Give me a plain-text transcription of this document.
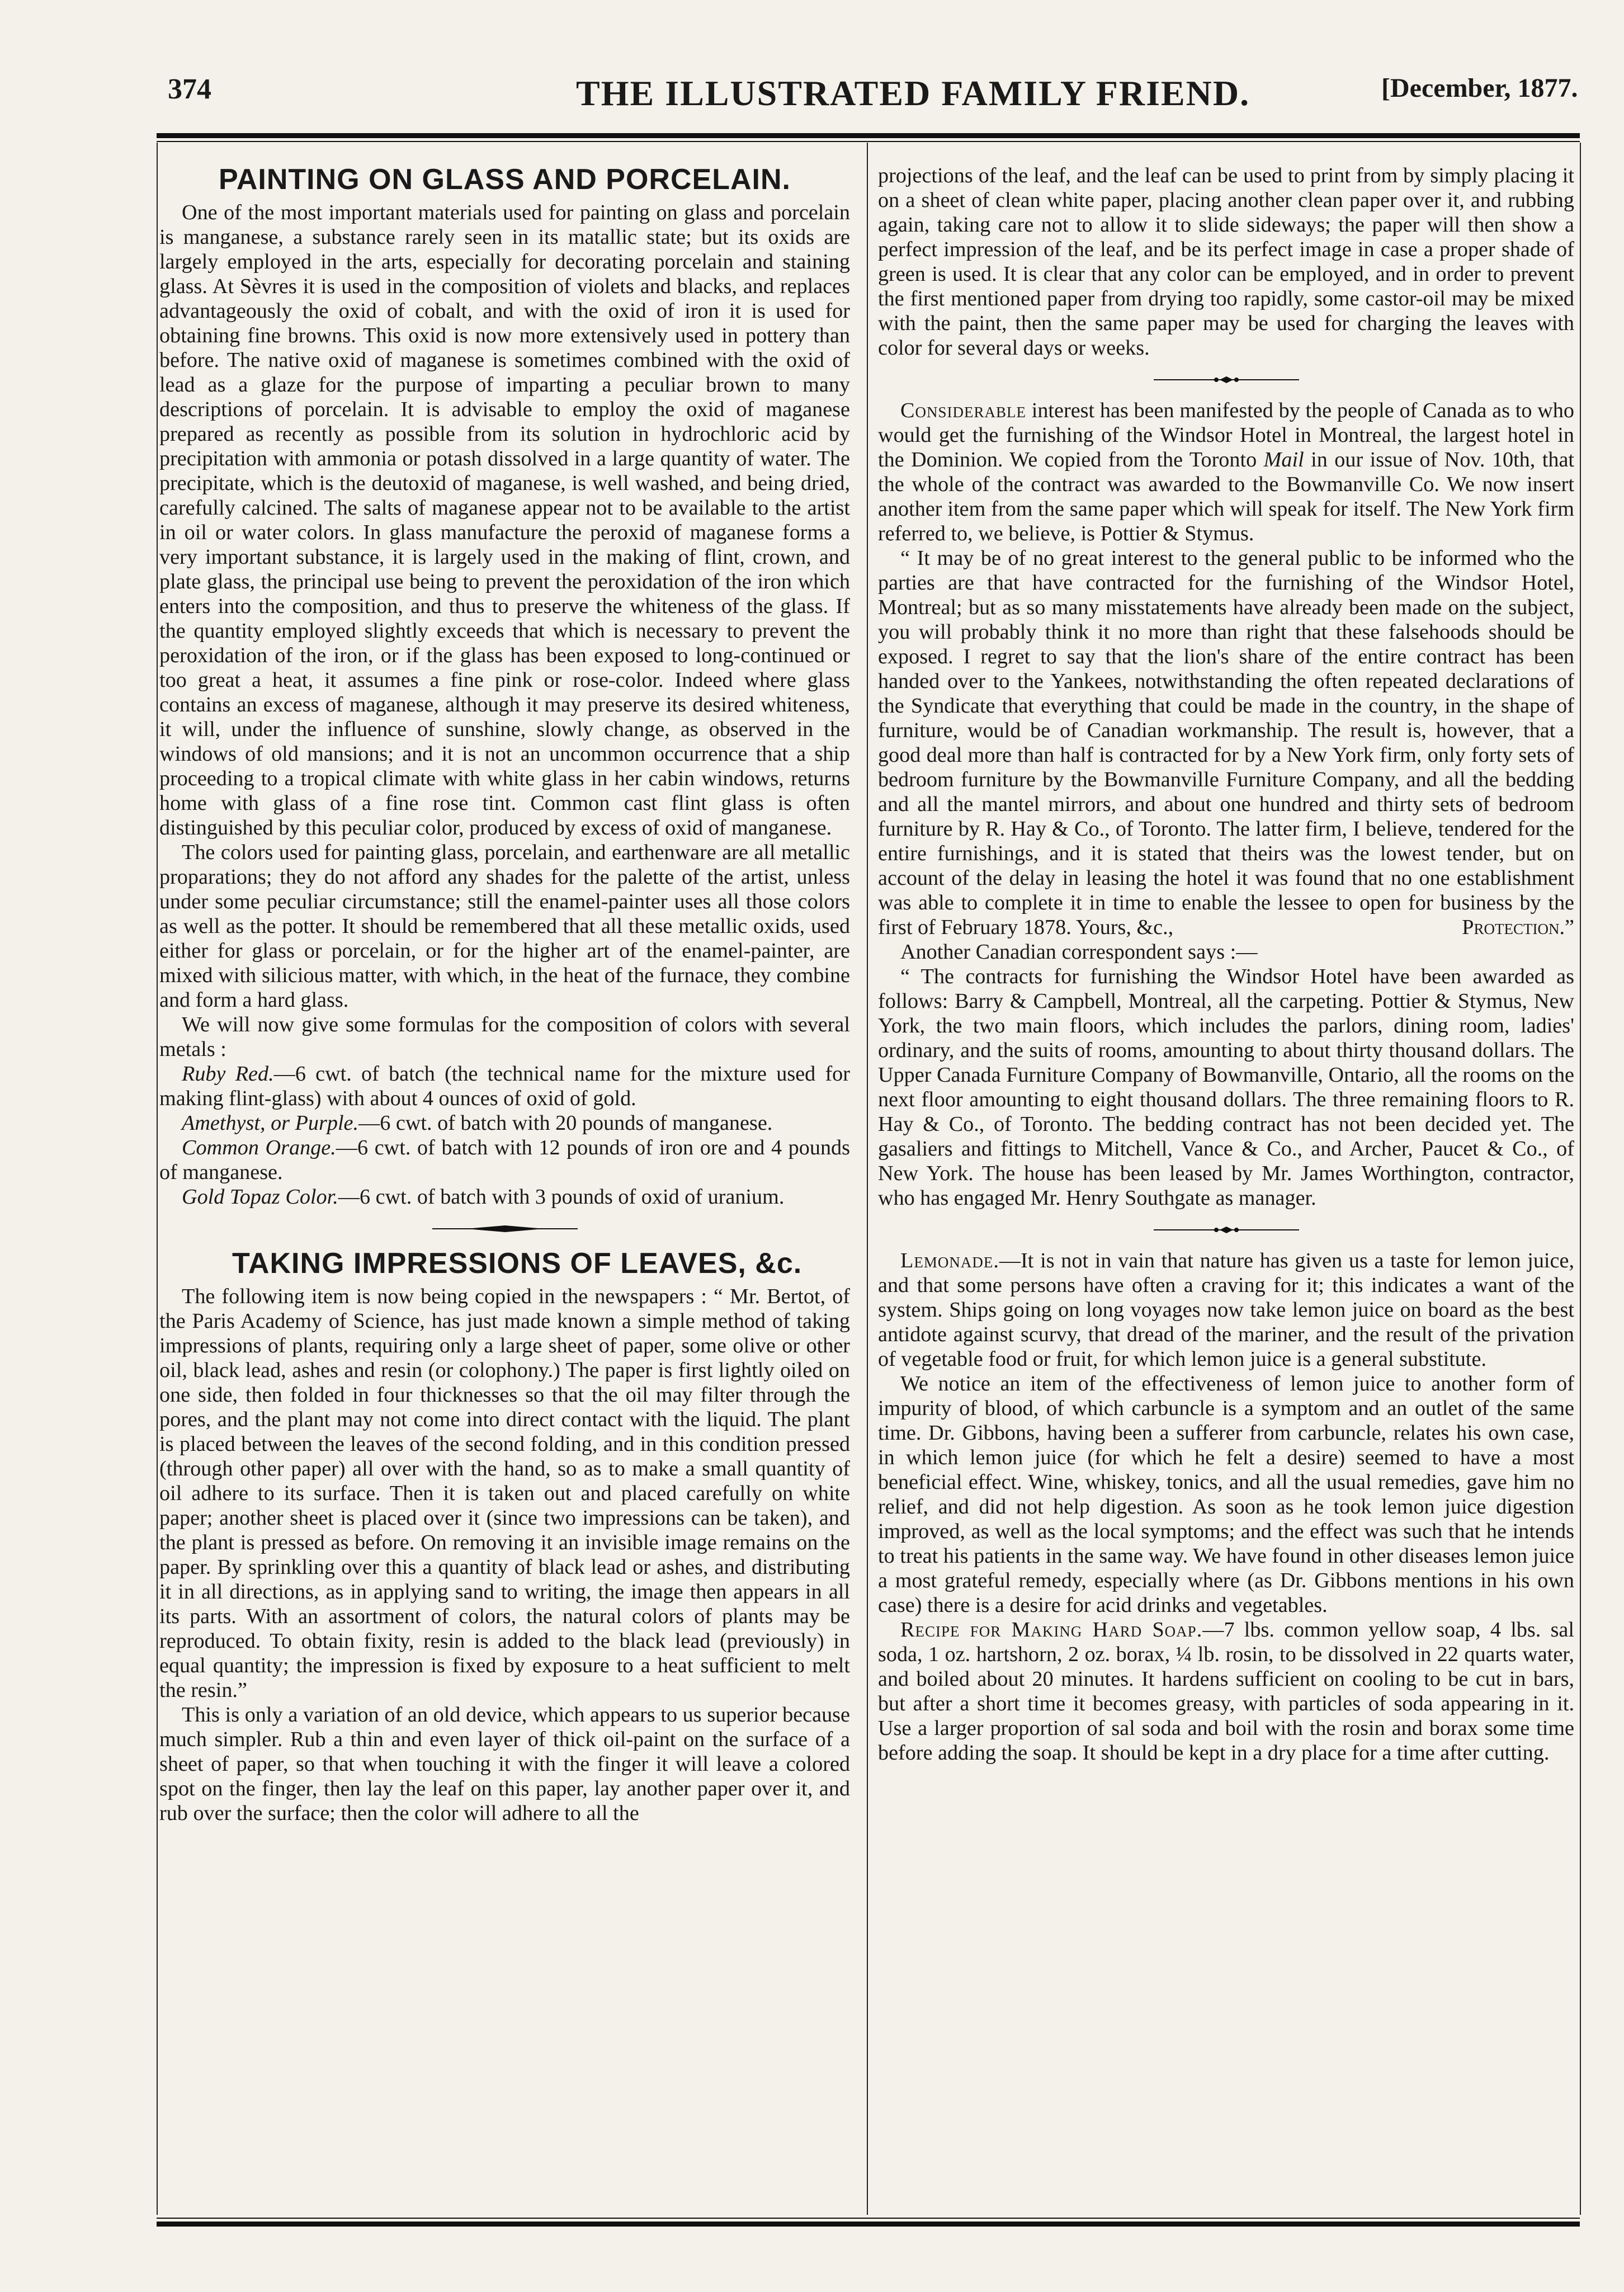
374	THE ILLUSTRATED FAMILY FRIEND.	[December, 1877.
PAINTING ON GLASS AND PORCELAIN.

One of the most important materials used for painting on glass and porcelain is manganese, a substance rarely seen in its matallic state; but its oxids are largely employed in the arts, especially for decorating porcelain and staining glass. At Sèvres it is used in the composition of violets and blacks, and replaces advantageously the oxid of cobalt, and with the oxid of iron it is used for obtaining fine browns. This oxid is now more extensively used in pottery than before. The native oxid of maganese is sometimes combined with the oxid of lead as a glaze for the purpose of imparting a peculiar brown to many descriptions of porcelain. It is advisable to employ the oxid of maganese prepared as recently as possible from its solution in hydrochloric acid by precipitation with ammonia or potash dissolved in a large quantity of water. The precipitate, which is the deutoxid of maganese, is well washed, and being dried, carefully calcined. The salts of maganese appear not to be available to the artist in oil or water colors. In glass manufacture the peroxid of maganese forms a very important substance, it is largely used in the making of flint, crown, and plate glass, the principal use being to prevent the peroxidation of the iron which enters into the composition, and thus to preserve the whiteness of the glass. If the quantity employed slightly exceeds that which is necessary to prevent the peroxidation of the iron, or if the glass has been exposed to long-continued or too great a heat, it assumes a fine pink or rose-color. Indeed where glass contains an excess of maganese, although it may preserve its desired whiteness, it will, under the influence of sunshine, slowly change, as observed in the windows of old mansions; and it is not an uncommon occurrence that a ship proceeding to a tropical climate with white glass in her cabin windows, returns home with glass of a fine rose tint. Common cast flint glass is often distinguished by this peculiar color, produced by excess of oxid of manganese.

The colors used for painting glass, porcelain, and earthenware are all metallic proparations; they do not afford any shades for the palette of the artist, unless under some peculiar circumstance; still the enamel-painter uses all those colors as well as the potter. It should be remembered that all these metallic oxids, used either for glass or porcelain, or for the higher art of the enamel-painter, are mixed with silicious matter, with which, in the heat of the furnace, they combine and form a hard glass.

We will now give some formulas for the composition of colors with several metals :

Ruby Red.—6 cwt. of batch (the technical name for the mixture used for making flint-glass) with about 4 ounces of oxid of gold.

Amethyst, or Purple.—6 cwt. of batch with 20 pounds of manganese.

Common Orange.—6 cwt. of batch with 12 pounds of iron ore and 4 pounds of manganese.

Gold Topaz Color.—6 cwt. of batch with 3 pounds of oxid of uranium.

TAKING IMPRESSIONS OF LEAVES, &c.

The following item is now being copied in the newspapers : “ Mr. Bertot, of the Paris Academy of Science, has just made known a simple method of taking impressions of plants, requiring only a large sheet of paper, some olive or other oil, black lead, ashes and resin (or colophony.) The paper is first lightly oiled on one side, then folded in four thicknesses so that the oil may filter through the pores, and the plant may not come into direct contact with the liquid. The plant is placed between the leaves of the second folding, and in this condition pressed (through other paper) all over with the hand, so as to make a small quantity of oil adhere to its surface. Then it is taken out and placed carefully on white paper; another sheet is placed over it (since two impressions can be taken), and the plant is pressed as before. On removing it an invisible image remains on the paper. By sprinkling over this a quantity of black lead or ashes, and distributing it in all directions, as in applying sand to writing, the image then appears in all its parts. With an assortment of colors, the natural colors of plants may be reproduced. To obtain fixity, resin is added to the black lead (previously) in equal quantity; the impression is fixed by exposure to a heat sufficient to melt the resin.”

This is only a variation of an old device, which appears to us superior because much simpler. Rub a thin and even layer of thick oil-paint on the surface of a sheet of paper, so that when touching it with the finger it will leave a colored spot on the finger, then lay the leaf on this paper, lay another paper over it, and rub over the surface; then the color will adhere to all the

projections of the leaf, and the leaf can be used to print from by simply placing it on a sheet of clean white paper, placing another clean paper over it, and rubbing again, taking care not to allow it to slide sideways; the paper will then show a perfect impression of the leaf, and be its perfect image in case a proper shade of green is used. It is clear that any color can be employed, and in order to prevent the first mentioned paper from drying too rapidly, some castor-oil may be mixed with the paint, then the same paper may be used for charging the leaves with color for several days or weeks.

Considerable interest has been manifested by the people of Canada as to who would get the furnishing of the Windsor Hotel in Montreal, the largest hotel in the Dominion. We copied from the Toronto Mail in our issue of Nov. 10th, that the whole of the contract was awarded to the Bowmanville Co. We now insert another item from the same paper which will speak for itself. The New York firm referred to, we believe, is Pottier & Stymus.

“ It may be of no great interest to the general public to be informed who the parties are that have contracted for the furnishing of the Windsor Hotel, Montreal; but as so many misstatements have already been made on the subject, you will probably think it no more than right that these falsehoods should be exposed. I regret to say that the lion's share of the entire contract has been handed over to the Yankees, notwithstanding the often repeated declarations of the Syndicate that everything that could be made in the country, in the shape of furniture, would be of Canadian workmanship. The result is, however, that a good deal more than half is contracted for by a New York firm, only forty sets of bedroom furniture by the Bowmanville Furniture Company, and all the bedding and all the mantel mirrors, and about one hundred and thirty sets of bedroom furniture by R. Hay & Co., of Toronto. The latter firm, I believe, tendered for the entire furnishings, and it is stated that theirs was the lowest tender, but on account of the delay in leasing the hotel it was found that no one establishment was able to complete it in time to enable the lessee to open for business by the first of February 1878. Yours, &c.,	Protection.”

Another Canadian correspondent says :—

“ The contracts for furnishing the Windsor Hotel have been awarded as follows: Barry & Campbell, Montreal, all the carpeting. Pottier & Stymus, New York, the two main floors, which includes the parlors, dining room, ladies' ordinary, and the suits of rooms, amounting to about thirty thousand dollars. The Upper Canada Furniture Company of Bowmanville, Ontario, all the rooms on the next floor amounting to eight thousand dollars. The three remaining floors to R. Hay & Co., of Toronto. The bedding contract has not been decided yet. The gasaliers and fittings to Mitchell, Vance & Co., and Archer, Paucet & Co., of New York. The house has been leased by Mr. James Worthington, contractor, who has engaged Mr. Henry Southgate as manager.

Lemonade.—It is not in vain that nature has given us a taste for lemon juice, and that some persons have often a craving for it; this indicates a want of the system. Ships going on long voyages now take lemon juice on board as the best antidote against scurvy, that dread of the mariner, and the result of the privation of vegetable food or fruit, for which lemon juice is a general substitute.

We notice an item of the effectiveness of lemon juice to another form of impurity of blood, of which carbuncle is a symptom and an outlet of the same time. Dr. Gibbons, having been a sufferer from carbuncle, relates his own case, in which lemon juice (for which he felt a desire) seemed to have a most beneficial effect. Wine, whiskey, tonics, and all the usual remedies, gave him no relief, and did not help digestion. As soon as he took lemon juice digestion improved, as well as the local symptoms; and the effect was such that he intends to treat his patients in the same way. We have found in other diseases lemon juice a most grateful remedy, especially where (as Dr. Gibbons mentions in his own case) there is a desire for acid drinks and vegetables.

Recipe for Making Hard Soap.—7 lbs. common yellow soap, 4 lbs. sal soda, 1 oz. hartshorn, 2 oz. borax, ¼ lb. rosin, to be dissolved in 22 quarts water, and boiled about 20 minutes. It hardens sufficient on cooling to be cut in bars, but after a short time it becomes greasy, with particles of soda appearing in it. Use a larger proportion of sal soda and boil with the rosin and borax some time before adding the soap. It should be kept in a dry place for a time after cutting.
